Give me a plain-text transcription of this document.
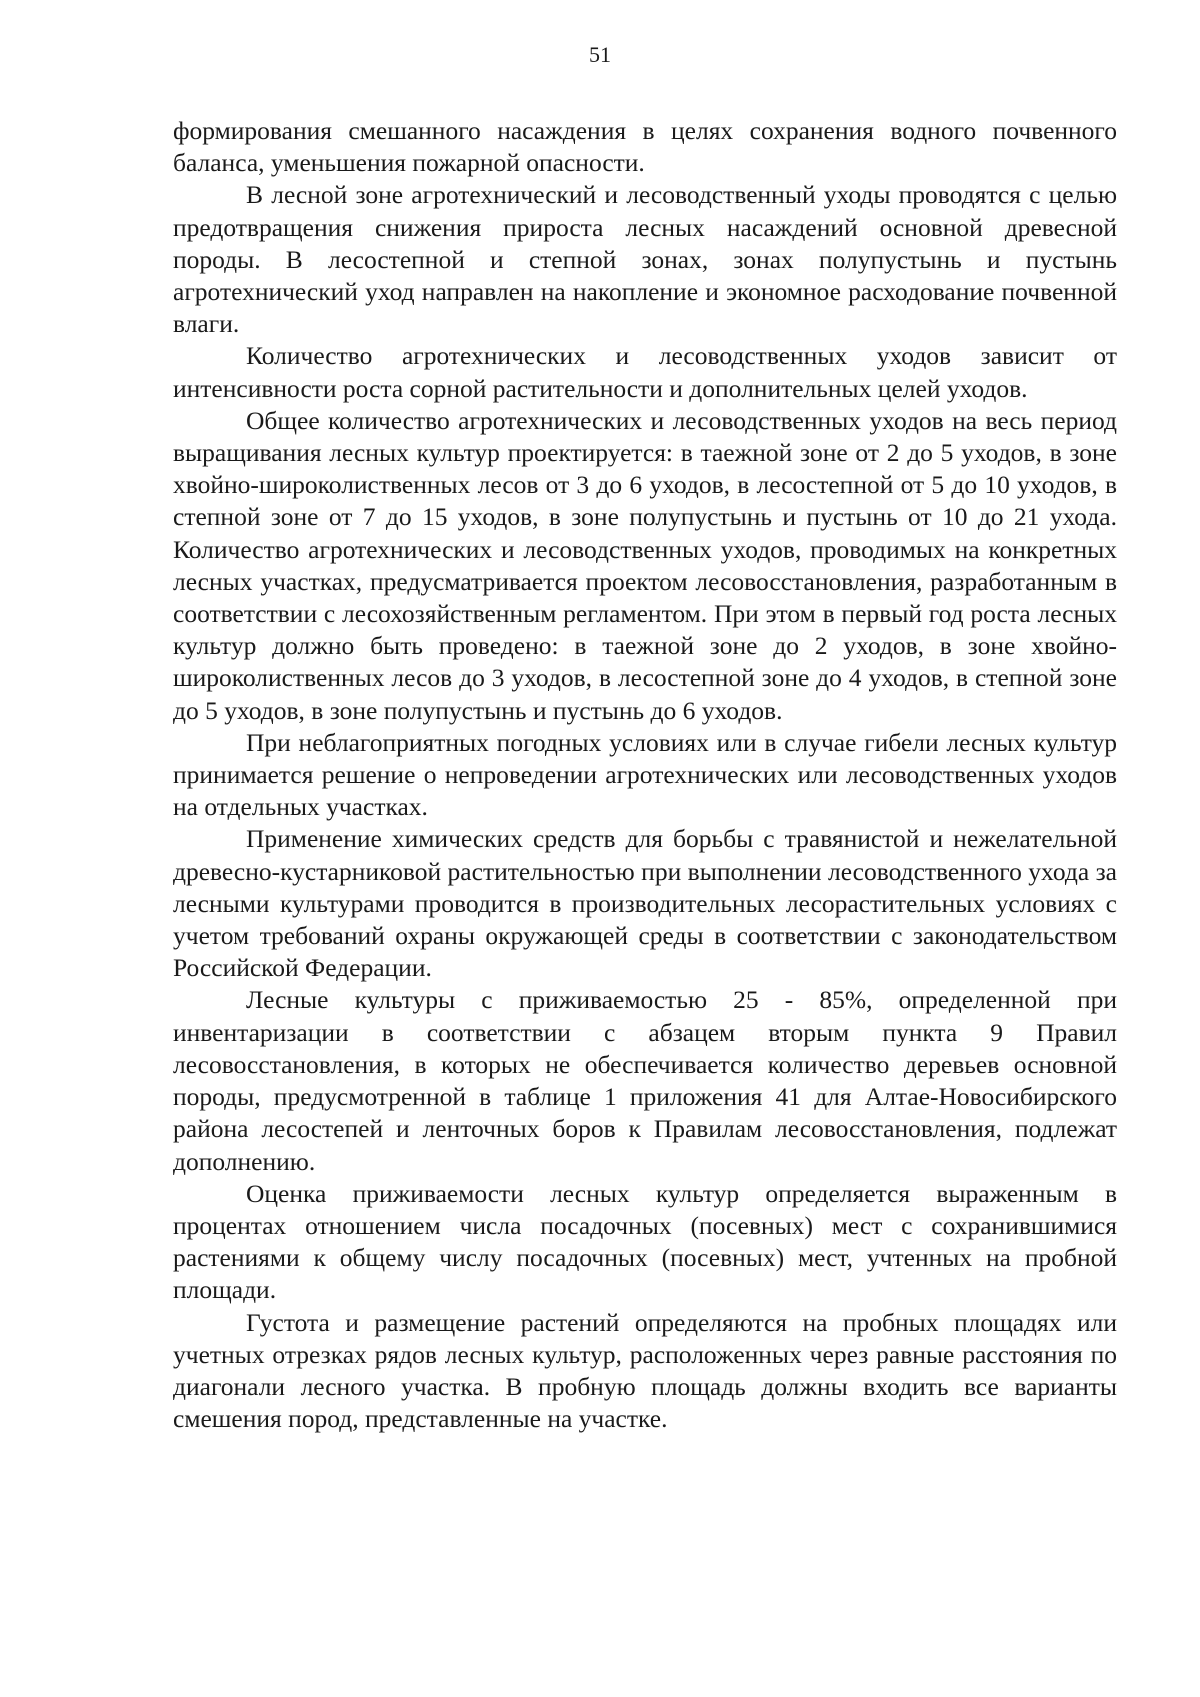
51

формирования смешанного насаждения в целях сохранения водного почвенного баланса, уменьшения пожарной опасности.

В лесной зоне агротехнический и лесоводственный уходы проводятся с целью предотвращения снижения прироста лесных насаждений основной древесной породы. В лесостепной и степной зонах, зонах полупустынь и пустынь агротехнический уход направлен на накопление и экономное расходование почвенной влаги.

Количество агротехнических и лесоводственных уходов зависит от интенсивности роста сорной растительности и дополнительных целей уходов.

Общее количество агротехнических и лесоводственных уходов на весь период выращивания лесных культур проектируется: в таежной зоне от 2 до 5 уходов, в зоне хвойно-широколиственных лесов от 3 до 6 уходов, в лесостепной от 5 до 10 уходов, в степной зоне от 7 до 15 уходов, в зоне полупустынь и пустынь от 10 до 21 ухода. Количество агротехнических и лесоводственных уходов, проводимых на конкретных лесных участках, предусматривается проектом лесовосстановления, разработанным в соответствии с лесохозяйственным регламентом. При этом в первый год роста лесных культур должно быть проведено: в таежной зоне до 2 уходов, в зоне хвойно-широколиственных лесов до 3 уходов, в лесостепной зоне до 4 уходов, в степной зоне до 5 уходов, в зоне полупустынь и пустынь до 6 уходов.

При неблагоприятных погодных условиях или в случае гибели лесных культур принимается решение о непроведении агротехнических или лесоводственных уходов на отдельных участках.

Применение химических средств для борьбы с травянистой и нежелательной древесно-кустарниковой растительностью при выполнении лесоводственного ухода за лесными культурами проводится в производительных лесорастительных условиях с учетом требований охраны окружающей среды в соответствии с законодательством Российской Федерации.

Лесные культуры с приживаемостью 25 - 85%, определенной при инвентаризации в соответствии с абзацем вторым пункта 9 Правил лесовосстановления, в которых не обеспечивается количество деревьев основной породы, предусмотренной в таблице 1 приложения 41 для Алтае-Новосибирского района лесостепей и ленточных боров к Правилам лесовосстановления, подлежат дополнению.

Оценка приживаемости лесных культур определяется выраженным в процентах отношением числа посадочных (посевных) мест с сохранившимися растениями к общему числу посадочных (посевных) мест, учтенных на пробной площади.

Густота и размещение растений определяются на пробных площадях или учетных отрезках рядов лесных культур, расположенных через равные расстояния по диагонали лесного участка. В пробную площадь должны входить все варианты смешения пород, представленные на участке.
